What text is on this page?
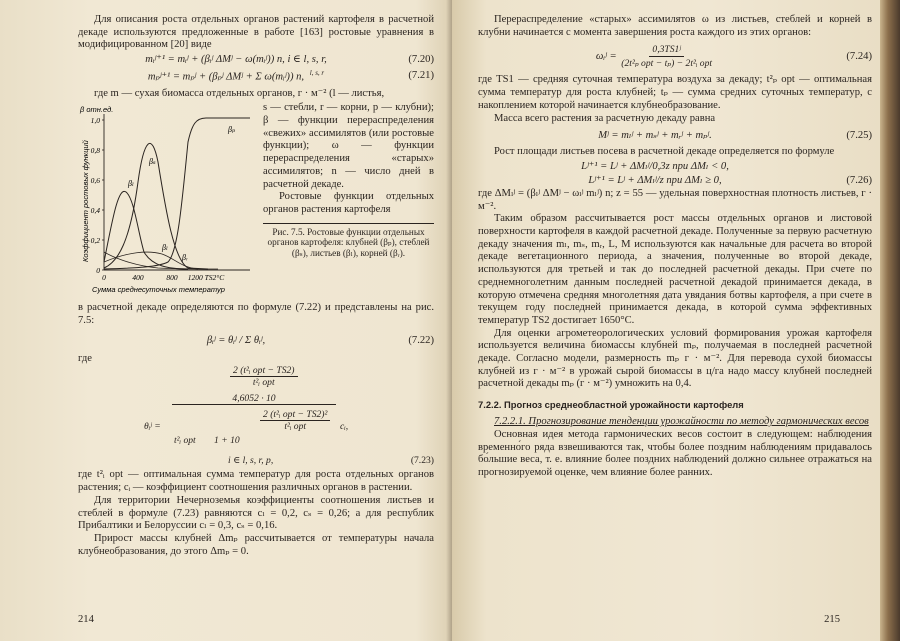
Для описания роста отдельных органов растений картофеля в расчетной декаде используются предложенные в работе [163] ростовые уравнения в модифицированном [20] виде

mᵢʲ⁺¹ = mᵢʲ + (βᵢʲ ΔMʲ − ω(mᵢʲ)) n, i ∈ l, s, r,	(7.20)
mₚʲ⁺¹ = mₚʲ + (βₚʲ ΔMʲ + Σ ω(mᵢʲ)) n, $^{l, s, r}$	(7.21)

где m — сухая биомасса отдельных органов, г · м⁻² (l — листья,

β отн.ед.
Коэффициент ростовых функций
0
0,2
0,4
0,6
0,8
1,0
0	400	800 1200 TS2°C
βₚ
βₛ
βₗ
βₗ
βᵣ
Сумма среднесуточных температур

s — стебли, r — корни, p — клубни); β — функции перераспределения «свежих» ассимилятов (или ростовые функции); ω — функции перераспределения «старых» ассимилятов; n — число дней в расчетной декаде.

Ростовые функции отдельных органов растения картофеля

Рис. 7.5. Ростовые функции отдельных органов картофеля: клубней (βₚ), стеблей (βₛ), листьев (βₗ), корней (βᵣ).

в расчетной декаде определяются по формуле (7.22) и представлены на рис. 7.5:

βᵢʲ = θᵢʲ / Σ θᵢʲ,	(7.22)

где

2 (t²ᵢ opt − TS2)
t²ᵢ opt
θᵢʲ =
4,6052 · 10
cᵢ,
t²ᵢ opt 1 + 10
2 (t²ᵢ opt − TS2)²
t²ᵢ opt
i ∈ l, s, r, p,	(7.23)

где t²ᵢ opt — оптимальная сумма температур для роста отдельных органов растения; cᵢ — коэффициент соотношения различных органов в растении.

Для территории Нечерноземья коэффициенты соотношения листьев и стеблей в формуле (7.23) равняются cₗ = 0,2, cₛ = 0,26; а для республик Прибалтики и Белоруссии cₗ = 0,3, cₛ = 0,16.

Прирост массы клубней Δmₚ рассчитывается от температуры начала клубнеобразования, до этого Δmₚ = 0.

214

Перераспределение «старых» ассимилятов ω из листьев, стеблей и корней в клубни начинается с момента завершения роста каждого из этих органов:

ωᵢʲ = $\frac{\text{0,3TS1ʲ}}{\text{(2t²ₚ opt − tₚ) − 2t²ᵢ opt}}$	(7.24)

где TS1 — средняя суточная температура воздуха за декаду; t²ₚ opt — оптимальная сумма температур для роста клубней; tₚ — сумма средних суточных температур, с накоплением которой начинается клубнеобразование.

Масса всего растения за расчетную декаду равна

Mʲ = mₗʲ + mₛʲ + mᵣʲ + mₚʲ.	(7.25)

Рост площади листьев посева в расчетной декаде определяется по формуле

Lʲ⁺¹ = Lʲ + ΔMₗʲ/0,3z при ΔMₗ < 0,
Lʲ⁺¹ = Lʲ + ΔMₗʲ/z при ΔMₗ ≥ 0,	(7.26)

где ΔMₗʲ = (βₗʲ ΔMʲ − ωₗʲ mₗʲ) n; z = 55 — удельная поверхностная плотность листьев, г · м⁻².

Таким образом рассчитывается рост массы отдельных органов и листовой поверхности картофеля в каждой расчетной декаде. Полученные за первую расчетную декаду значения mₗ, mₛ, mᵣ, L, M используются как начальные для расчета во второй декаде вегетационного периода, а значения, полученные во второй декаде, используются для третьей и так до последней расчетной декады. При счете по среднемноголетним данным последней расчетной декадой принимается декада, в которую отмечена средняя многолетняя дата увядания ботвы картофеля, а при счете в текущем году последней принимается декада, в которой сумма эффективных температур TS2 достигает 1650°C.

Для оценки агрометеорологических условий формирования урожая картофеля используется величина биомассы клубней mₚ, получаемая в последней расчетной декаде. Согласно модели, размерность mₚ г · м⁻². Для перевода сухой биомассы клубней из г · м⁻² в урожай сырой биомассы в ц/га надо массу клубней последней расчетной декады mₚ (г · м⁻²) умножить на 0,4.

7.2.2. Прогноз среднеобластной урожайности картофеля

7.2.2.1. Прогнозирование тенденции урожайности по методу гармонических весов

Основная идея метода гармонических весов состоит в следующем: наблюдения временно́го ряда взвешиваются так, чтобы более поздним наблюдениям придавалось бо́льшие веса, т. е. влияние более поздних наблюдений должно сильнее отражаться на прогнозируемой оценке, чем влияние более ранних.

215
